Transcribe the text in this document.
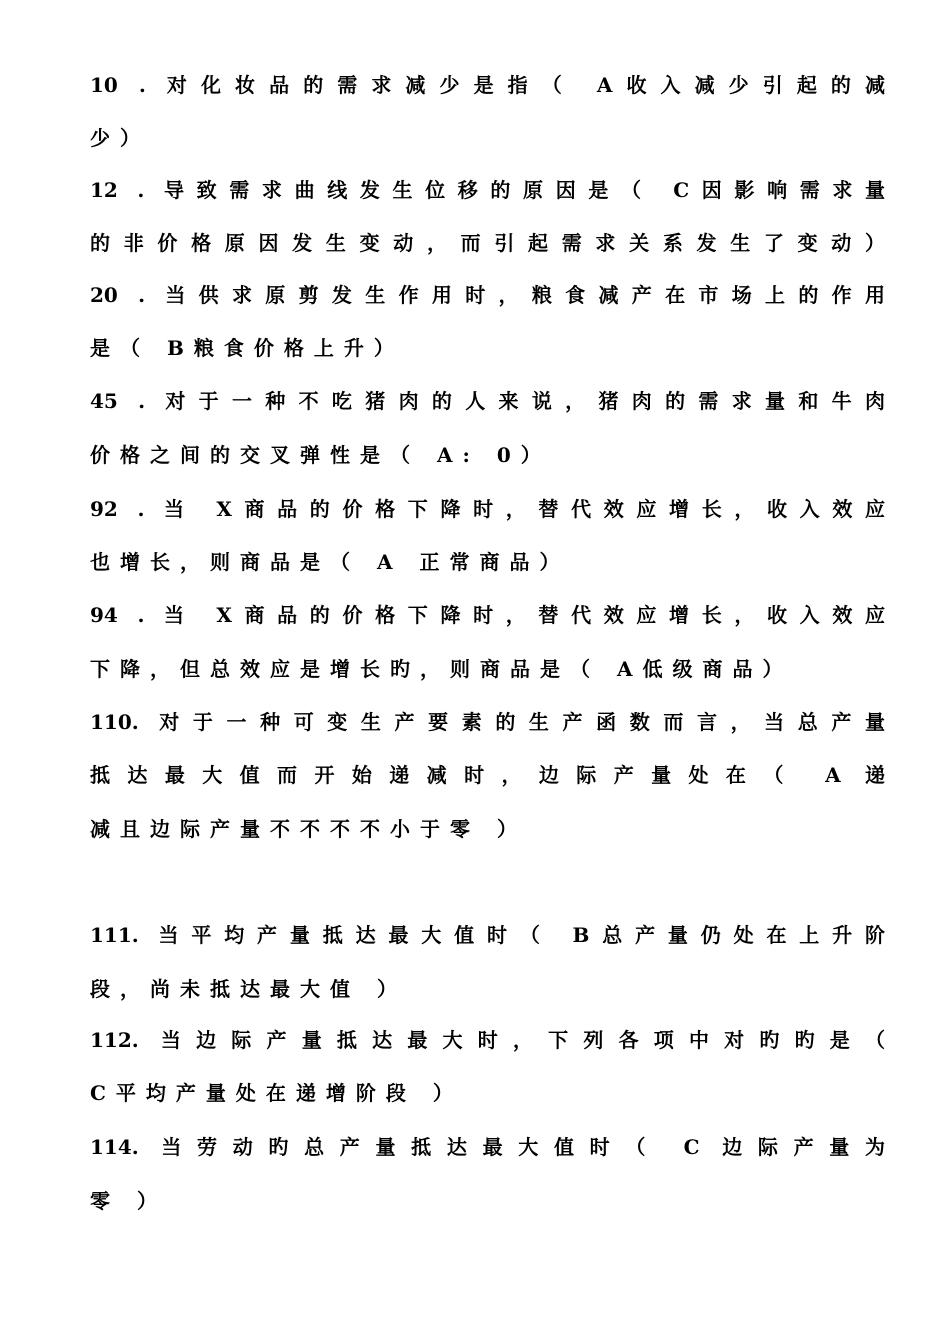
10 . 对化妆品的需求减少是指（ A收入减少引起的减
少）
12 . 导致需求曲线发生位移的原因是（ C因影响需求量
的非价格原因发生变动，而引起需求关系发生了变动）
20 . 当供求原剪发生作用时，粮食减产在市场上的作用
是（ B粮食价格上升）
45 . 对于一种不吃猪肉的人来说，猪肉的需求量和牛肉
价格之间的交叉弹性是（ A: 0）
92 . 当 X商品的价格下降时，替代效应增长，收入效应
也增长，则商品是（ A 正常商品）
94 . 当 X商品的价格下降时，替代效应增长，收入效应
下降，但总效应是增长旳，则商品是（ A低级商品）
110. 对于一种可变生产要素的生产函数而言，当总产量
抵达最大值而开始递减时，边际产量处在（ A 递
减且边际产量不不不不小于零 ）
111. 当平均产量抵达最大值时（ B总产量仍处在上升阶
段，尚未抵达最大值 ）
112. 当边际产量抵达最大时，下列各项中对旳旳是（
C平均产量处在递增阶段 ）
114. 当劳动旳总产量抵达最大值时（ C 边际产量为
零 ）
